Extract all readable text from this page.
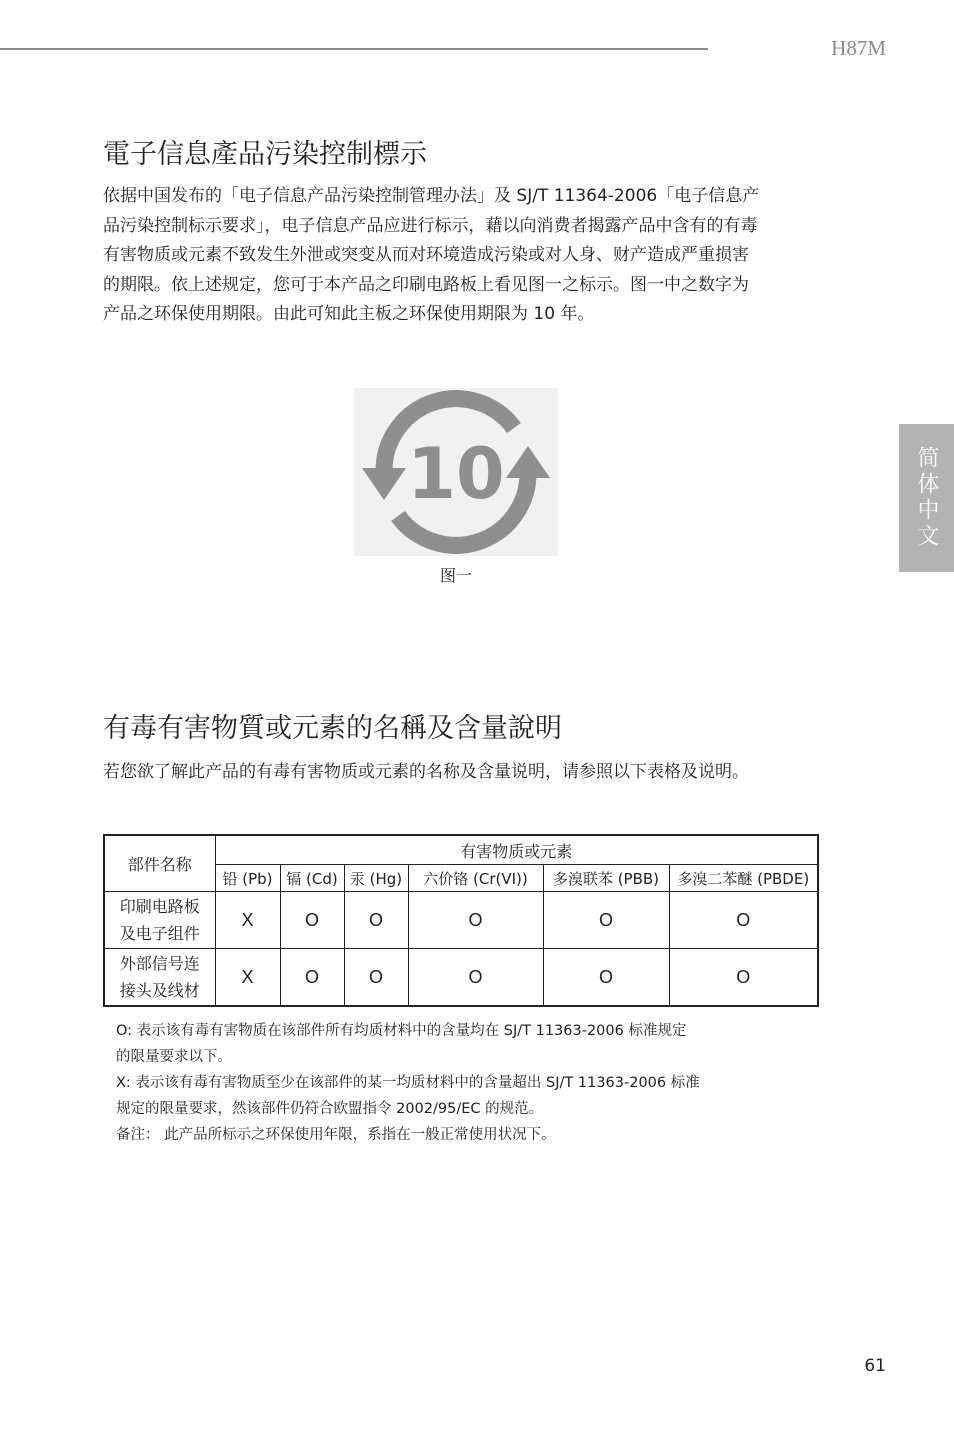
H87M
简体中文
電子信息產品污染控制標示

依据中国发布的「电子信息产品污染控制管理办法」及 SJ/T 11364-2006「电子信息产品污染控制标示要求」，电子信息产品应进行标示，藉以向消费者揭露产品中含有的有毒有害物质或元素不致发生外泄或突变从而对环境造成污染或对人身、财产造成严重损害的期限。依上述规定，您可于本产品之印刷电路板上看见图一之标示。图一中之数字为产品之环保使用期限。由此可知此主板之环保使用期限为 10 年。

10
图一
有毒有害物質或元素的名稱及含量說明

若您欲了解此产品的有毒有害物质或元素的名称及含量说明，请参照以下表格及说明。

部件名称	有害物质或元素					
	铅 (Pb)	镉 (Cd)	汞 (Hg)	六价铬 (Cr(VI))	多溴联苯 (PBB)	多溴二苯醚 (PBDE)

印刷电路板
及电子组件	X	O	O	O	O	O

外部信号连
接头及线材	X	O	O	O	O	O
O: 表示该有毒有害物质在该部件所有均质材料中的含量均在 SJ/T 11363-2006 标准规定
的限量要求以下。
X: 表示该有毒有害物质至少在该部件的某一均质材料中的含量超出 SJ/T 11363-2006 标准
规定的限量要求，然该部件仍符合欧盟指令 2002/95/EC 的规范。
备注： 此产品所标示之环保使用年限，系指在一般正常使用状况下。
61
